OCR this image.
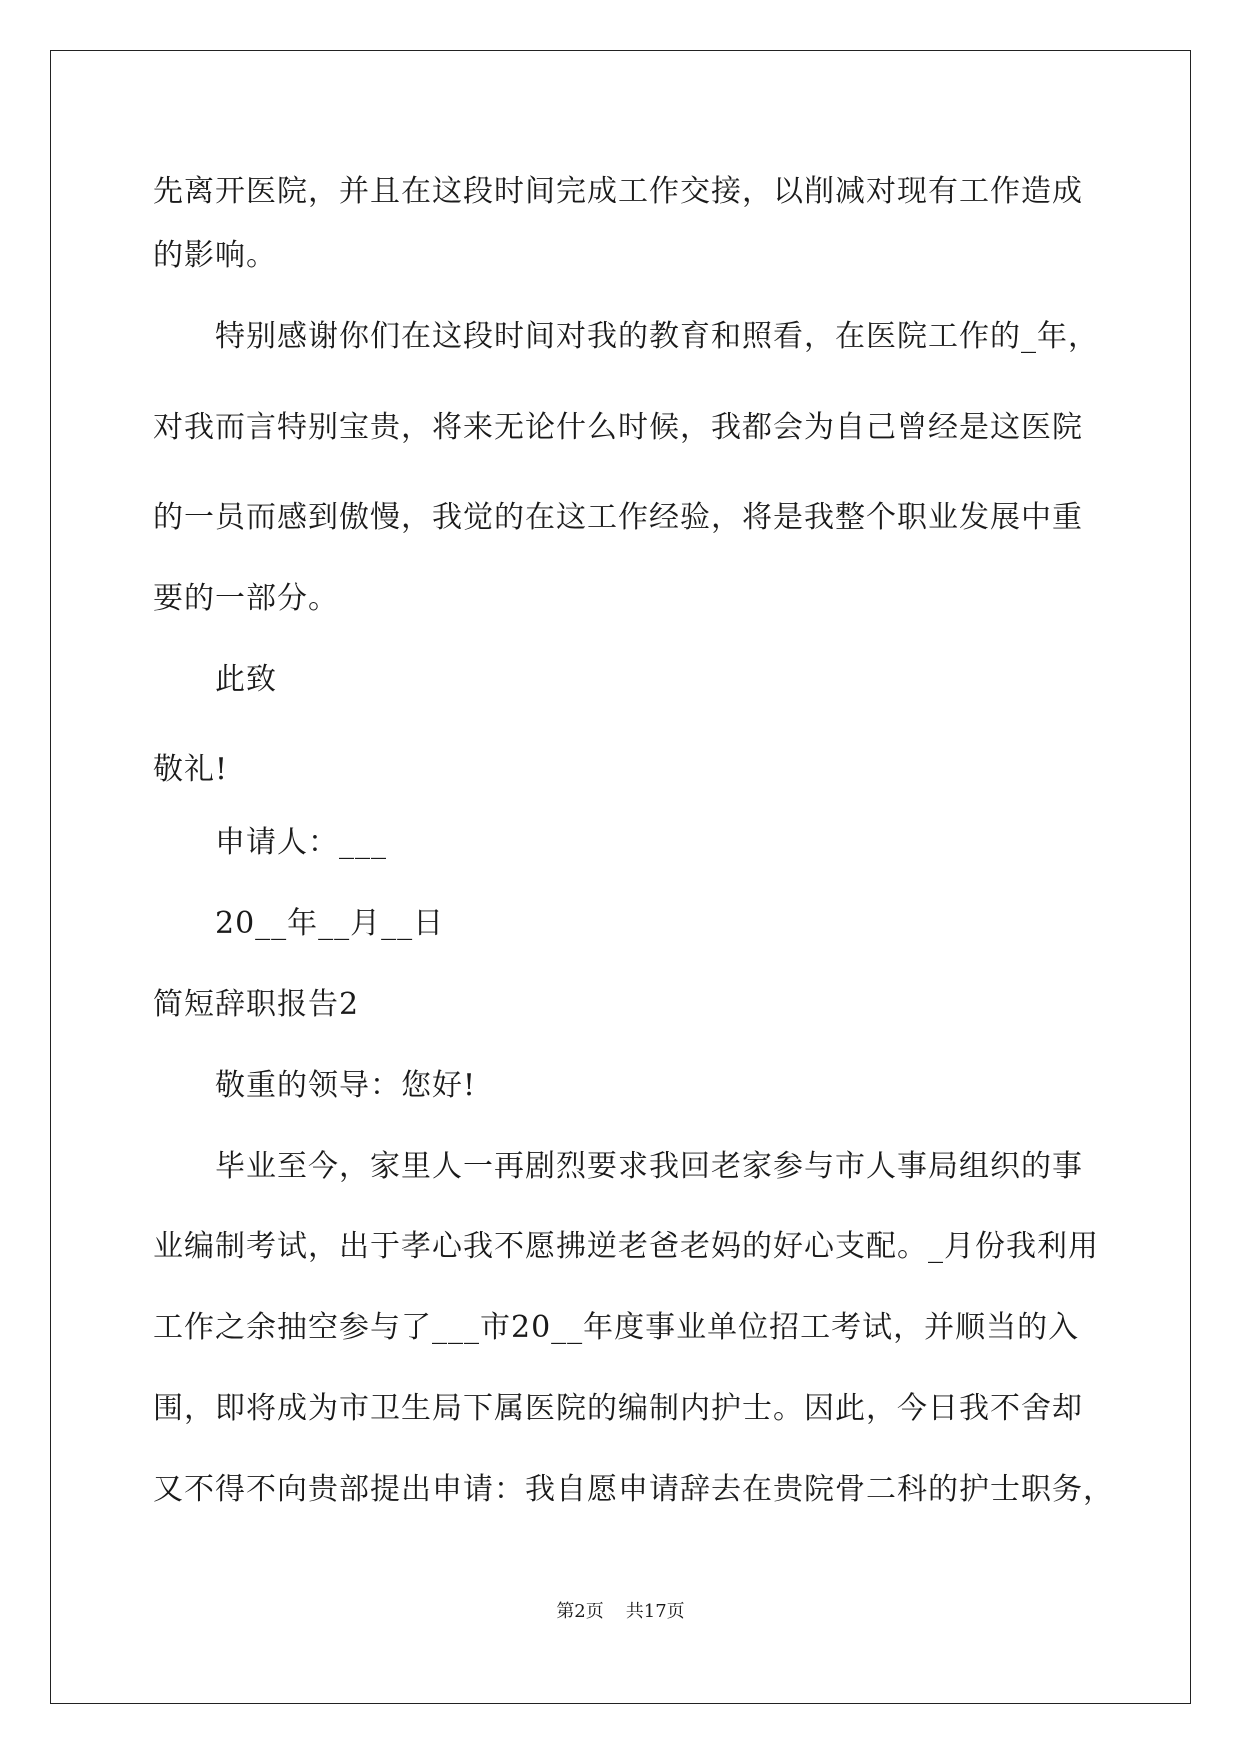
先离开医院，并且在这段时间完成工作交接，以削减对现有工作造成
的影响。
特别感谢你们在这段时间对我的教育和照看，在医院工作的_年，
对我而言特别宝贵，将来无论什么时候，我都会为自己曾经是这医院
的一员而感到傲慢，我觉的在这工作经验，将是我整个职业发展中重
要的一部分。
此致
敬礼!
申请人：___
20__年__月__日
简短辞职报告2
敬重的领导：您好!
毕业至今，家里人一再剧烈要求我回老家参与市人事局组织的事
业编制考试，出于孝心我不愿拂逆老爸老妈的好心支配。_月份我利用
工作之余抽空参与了___市20__年度事业单位招工考试，并顺当的入
围，即将成为市卫生局下属医院的编制内护士。因此，今日我不舍却
又不得不向贵部提出申请：我自愿申请辞去在贵院骨二科的护士职务，
第2页 共17页
